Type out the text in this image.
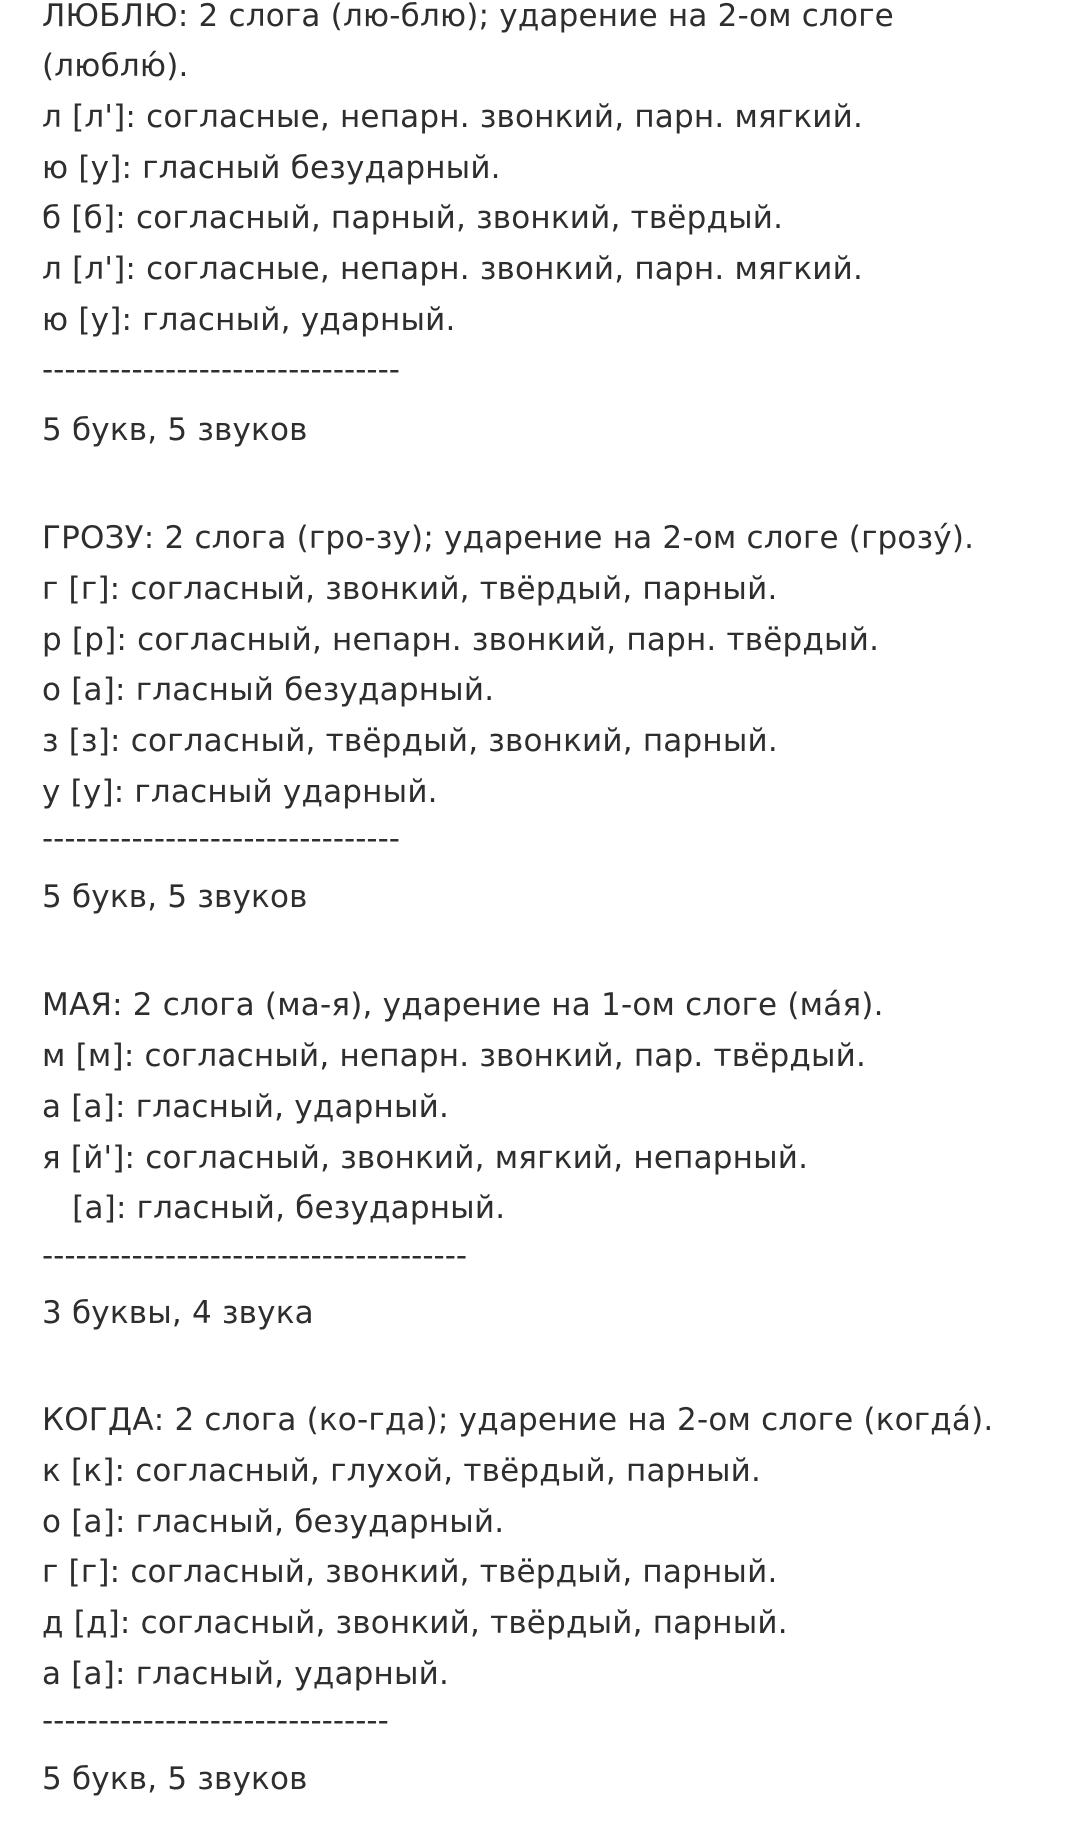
ЛЮБЛЮ: 2 слога (лю-блю); ударение на 2-ом слоге
(люблю́).
л [л']: согласные, непарн. звонкий, парн. мягкий.
ю [у]: гласный безударный.
б [б]: согласный, парный, звонкий, твёрдый.
л [л']: согласные, непарн. звонкий, парн. мягкий.
ю [у]: гласный, ударный.
--------------------------------
5 букв, 5 звуков
ГРОЗУ: 2 слога (гро-зу); ударение на 2-ом слоге (грозу́).
г [г]: согласный, звонкий, твёрдый, парный.
р [р]: согласный, непарн. звонкий, парн. твёрдый.
о [а]: гласный безударный.
з [з]: согласный, твёрдый, звонкий, парный.
у [у]: гласный ударный.
--------------------------------
5 букв, 5 звуков
МАЯ: 2 слога (ма-я), ударение на 1-ом слоге (ма́я).
м [м]: согласный, непарн. звонкий, пар. твёрдый.
а [а]: гласный, ударный.
я [й']: согласный, звонкий, мягкий, непарный.
[а]: гласный, безударный.
--------------------------------------
3 буквы, 4 звука
КОГДА: 2 слога (ко-гда); ударение на 2-ом слоге (когда́).
к [к]: согласный, глухой, твёрдый, парный.
о [а]: гласный, безударный.
г [г]: согласный, звонкий, твёрдый, парный.
д [д]: согласный, звонкий, твёрдый, парный.
а [а]: гласный, ударный.
-------------------------------
5 букв, 5 звуков
